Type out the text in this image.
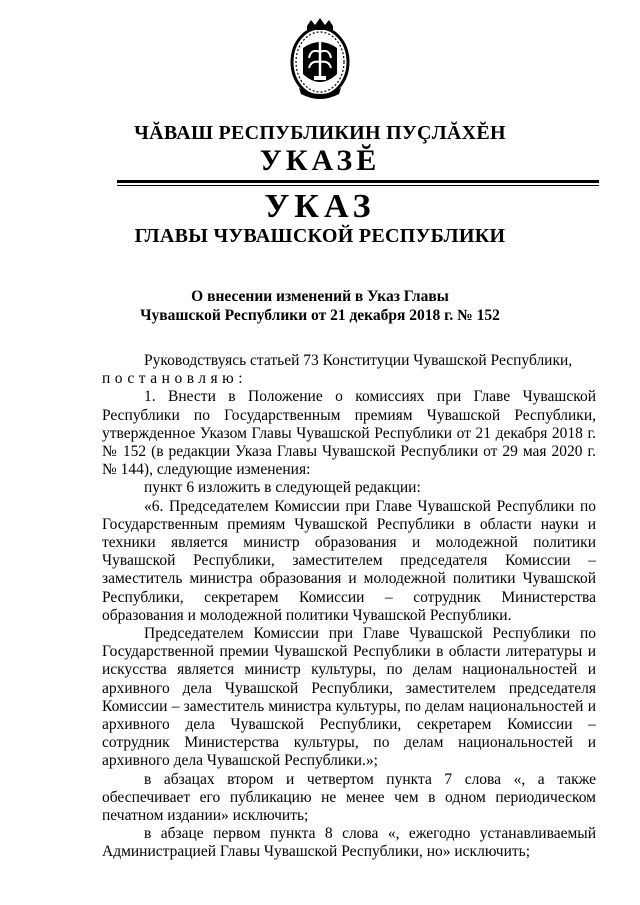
ЧĂВАШ РЕСПУБЛИКИН ПУÇЛĂХĔН
УКАЗĔ
УКАЗ
ГЛАВЫ ЧУВАШСКОЙ РЕСПУБЛИКИ
О внесении изменений в Указ Главы
Чувашской Республики от 21 декабря 2018 г. № 152

Руководствуясь статьей 73 Конституции Чувашской Республики,

постановляю:

1. Внести в Положение о комиссиях при Главе Чувашской Республики по Государственным премиям Чувашской Республики, утвержденное Указом Главы Чувашской Республики от 21 декабря 2018 г. № 152 (в редакции Указа Главы Чувашской Республики от 29 мая 2020 г. № 144), следующие изменения:

пункт 6 изложить в следующей редакции:

«6. Председателем Комиссии при Главе Чувашской Республики по Государственным премиям Чувашской Республики в области науки и техники является министр образования и молодежной политики Чувашской Республики, заместителем председателя Комиссии – заместитель министра образования и молодежной политики Чувашской Республики, секретарем Комиссии – сотрудник Министерства образования и молодежной политики Чувашской Республики.

Председателем Комиссии при Главе Чувашской Республики по Государственной премии Чувашской Республики в области литературы и искусства является министр культуры, по делам национальностей и архивного дела Чувашской Республики, заместителем председателя Комиссии – заместитель министра культуры, по делам национальностей и архивного дела Чувашской Республики, секретарем Комиссии – сотрудник Министерства культуры, по делам национальностей и архивного дела Чувашской Республики.»;

в абзацах втором и четвертом пункта 7 слова «, а также обеспечивает его публикацию не менее чем в одном периодическом печатном издании» исключить;

в абзаце первом пункта 8 слова «, ежегодно устанавливаемый Администрацией Главы Чувашской Республики, но» исключить;
